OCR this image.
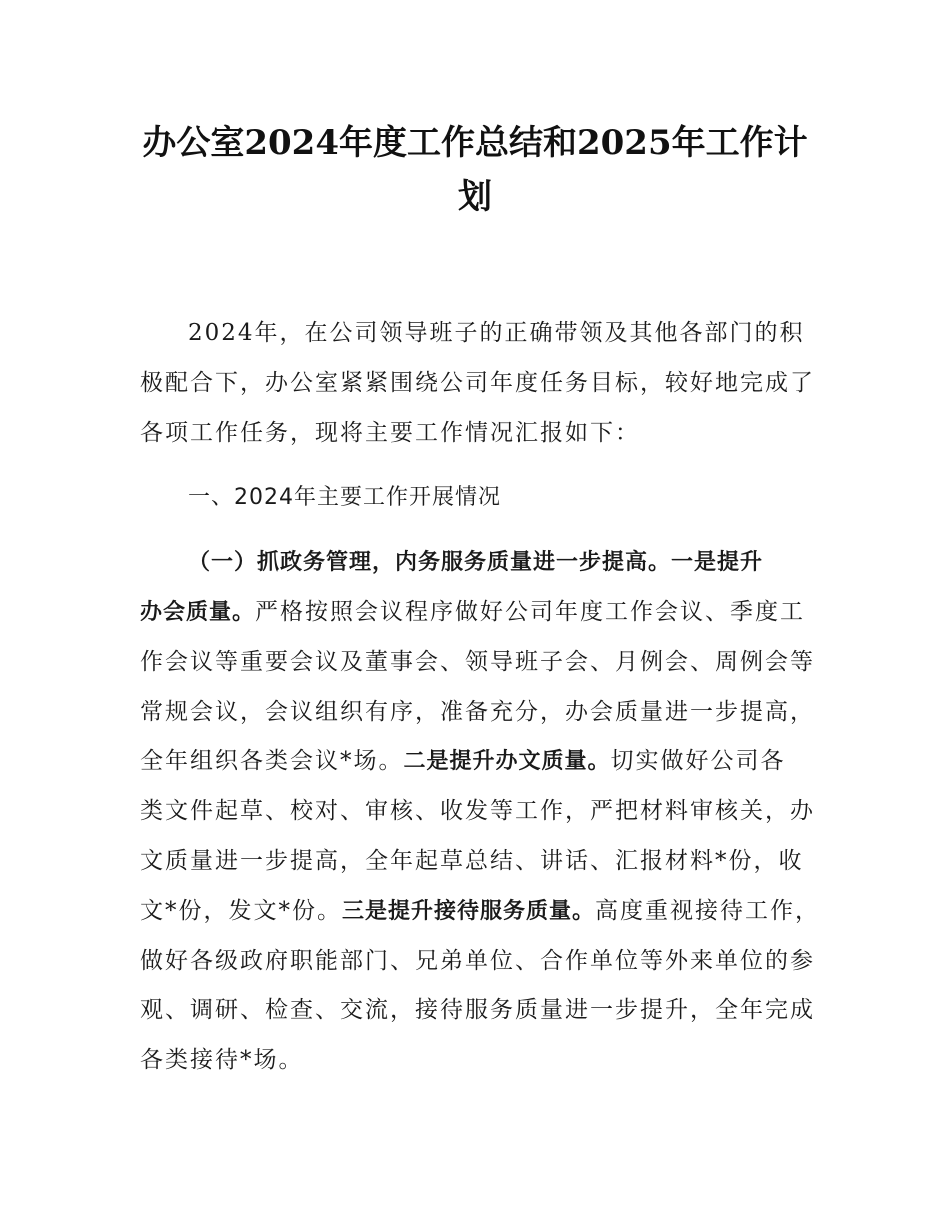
办公室2024年度工作总结和2025年工作计
划
2024年，在公司领导班子的正确带领及其他各部门的积
极配合下，办公室紧紧围绕公司年度任务目标，较好地完成了
各项工作任务，现将主要工作情况汇报如下：
一、2024年主要工作开展情况
（一）抓政务管理，内务服务质量进一步提高。一是提升
办会质量。严格按照会议程序做好公司年度工作会议、季度工
作会议等重要会议及董事会、领导班子会、月例会、周例会等
常规会议，会议组织有序，准备充分，办会质量进一步提高，
全年组织各类会议*场。二是提升办文质量。切实做好公司各
类文件起草、校对、审核、收发等工作，严把材料审核关，办
文质量进一步提高，全年起草总结、讲话、汇报材料*份，收
文*份，发文*份。三是提升接待服务质量。高度重视接待工作，
做好各级政府职能部门、兄弟单位、合作单位等外来单位的参
观、调研、检查、交流，接待服务质量进一步提升，全年完成
各类接待*场。
